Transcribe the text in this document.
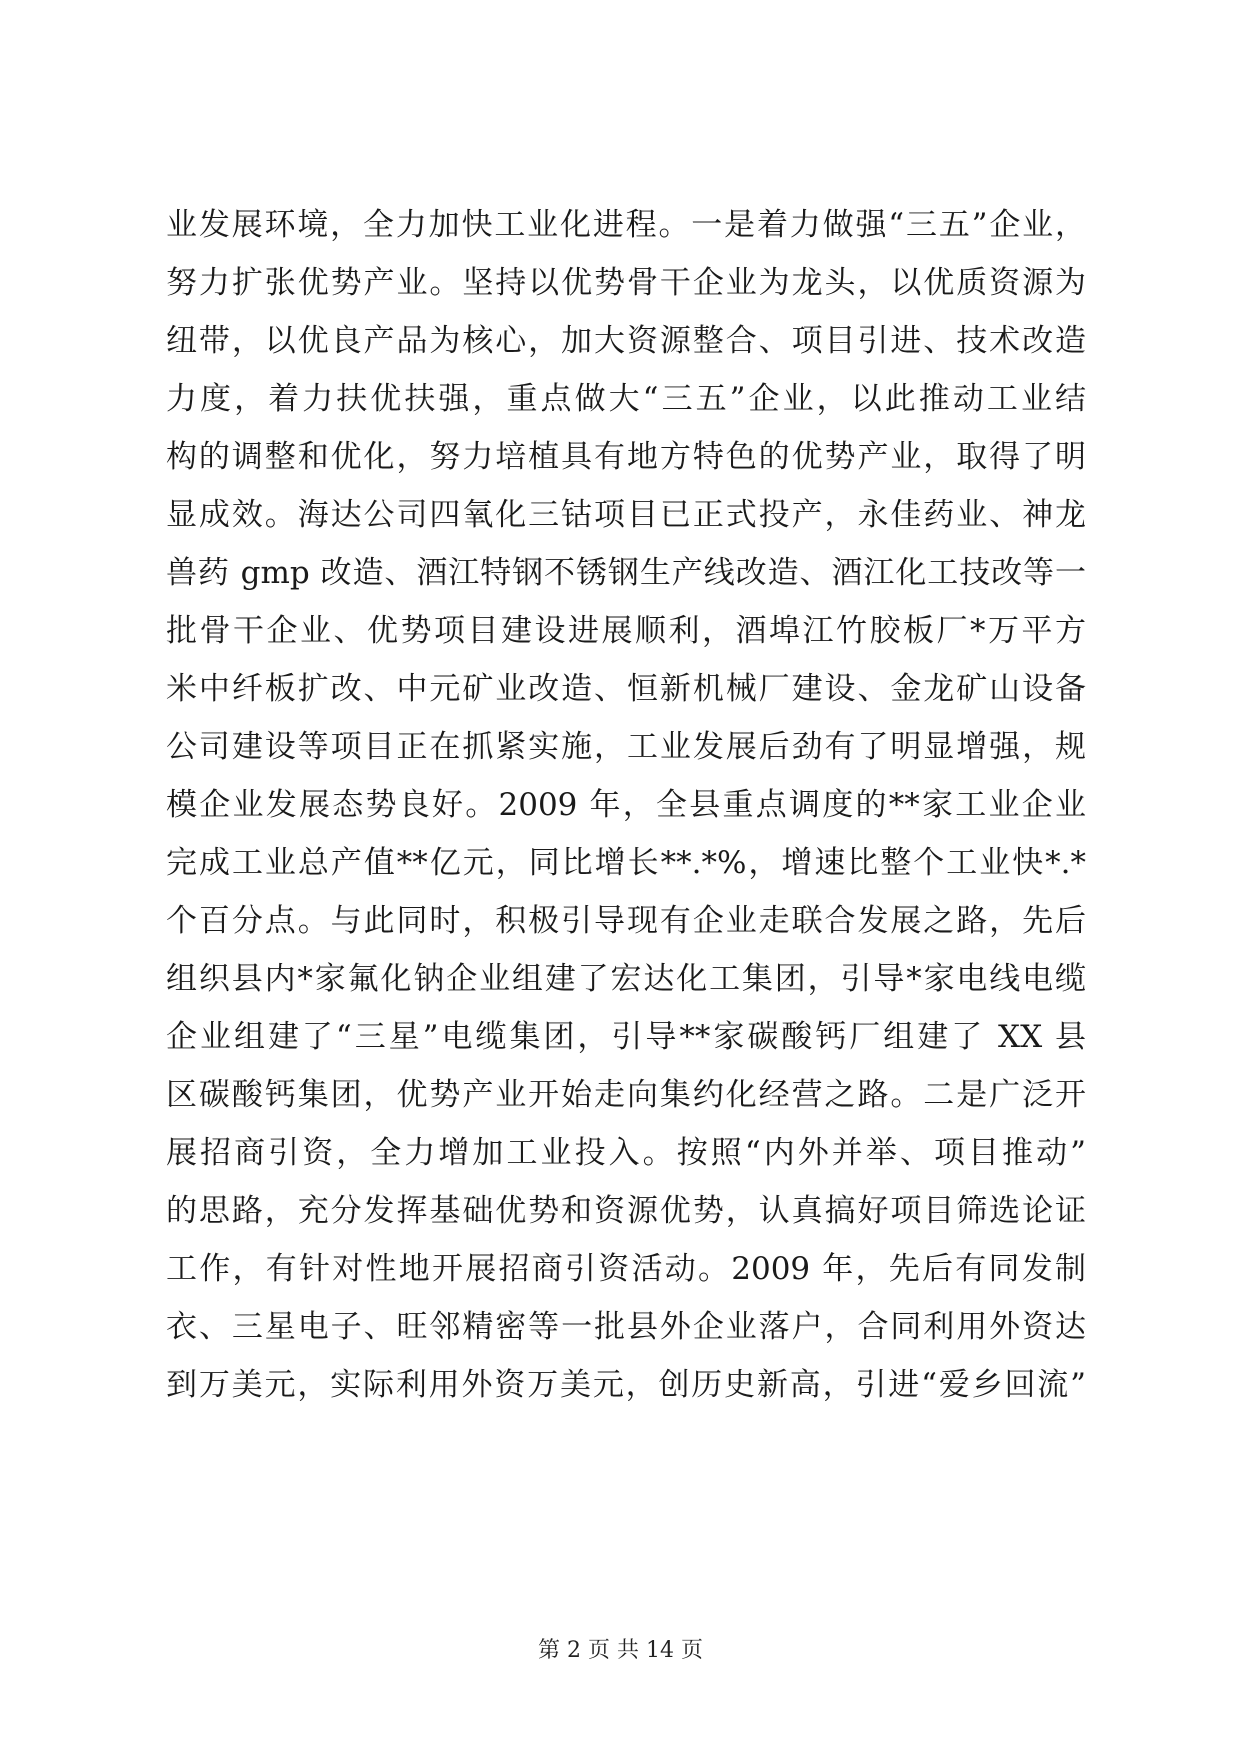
业发展环境，全力加快工业化进程。一是着力做强“三五”企业，
努力扩张优势产业。坚持以优势骨干企业为龙头，以优质资源为
纽带，以优良产品为核心，加大资源整合、项目引进、技术改造
力度，着力扶优扶强，重点做大“三五”企业，以此推动工业结
构的调整和优化，努力培植具有地方特色的优势产业，取得了明
显成效。海达公司四氧化三钴项目已正式投产，永佳药业、神龙
兽药 gmp 改造、酒江特钢不锈钢生产线改造、酒江化工技改等一
批骨干企业、优势项目建设进展顺利，酒埠江竹胶板厂*万平方
米中纤板扩改、中元矿业改造、恒新机械厂建设、金龙矿山设备
公司建设等项目正在抓紧实施，工业发展后劲有了明显增强，规
模企业发展态势良好。2009 年，全县重点调度的**家工业企业
完成工业总产值**亿元，同比增长**.*%，增速比整个工业快*.*
个百分点。与此同时，积极引导现有企业走联合发展之路，先后
组织县内*家氟化钠企业组建了宏达化工集团，引导*家电线电缆
企业组建了“三星”电缆集团，引导**家碳酸钙厂组建了 XX 县
区碳酸钙集团，优势产业开始走向集约化经营之路。二是广泛开
展招商引资，全力增加工业投入。按照“内外并举、项目推动”
的思路，充分发挥基础优势和资源优势，认真搞好项目筛选论证
工作，有针对性地开展招商引资活动。2009 年，先后有同发制
衣、三星电子、旺邻精密等一批县外企业落户，合同利用外资达
到万美元，实际利用外资万美元，创历史新高，引进“爱乡回流”
第 2 页 共 14 页
